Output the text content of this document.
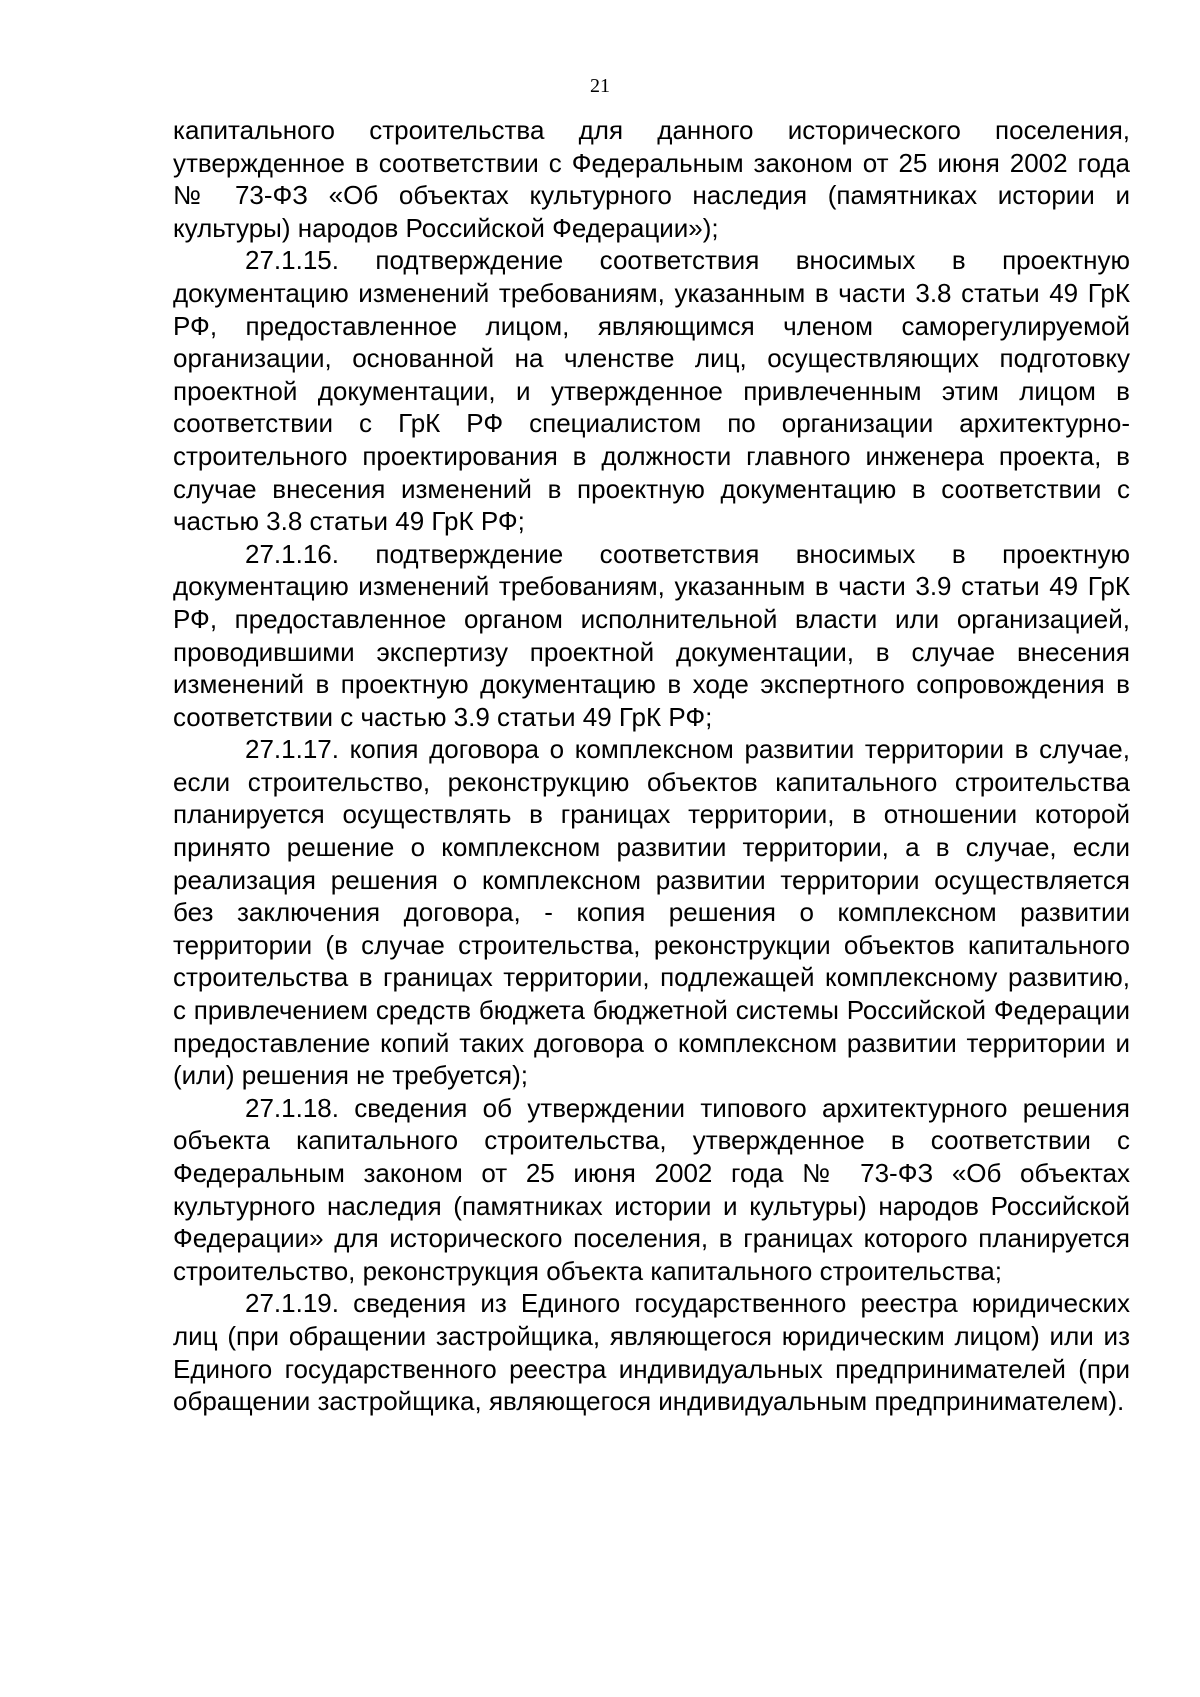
21

капитального строительства для данного исторического поселения, утвержденное в соответствии с Федеральным законом от 25 июня 2002 года № 73-ФЗ «Об объектах культурного наследия (памятниках истории и культуры) народов Российской Федерации»);

27.1.15. подтверждение соответствия вносимых в проектную документацию изменений требованиям, указанным в части 3.8 статьи 49 ГрК РФ, предоставленное лицом, являющимся членом саморегулируемой организации, основанной на членстве лиц, осуществляющих подготовку проектной документации, и утвержденное привлеченным этим лицом в соответствии с ГрК РФ специалистом по организации архитектурно-строительного проектирования в должности главного инженера проекта, в случае внесения изменений в проектную документацию в соответствии с частью 3.8 статьи 49 ГрК РФ;

27.1.16. подтверждение соответствия вносимых в проектную документацию изменений требованиям, указанным в части 3.9 статьи 49 ГрК РФ, предоставленное органом исполнительной власти или организацией, проводившими экспертизу проектной документации, в случае внесения изменений в проектную документацию в ходе экспертного сопровождения в соответствии с частью 3.9 статьи 49 ГрК РФ;

27.1.17. копия договора о комплексном развитии территории в случае, если строительство, реконструкцию объектов капитального строительства планируется осуществлять в границах территории, в отношении которой принято решение о комплексном развитии территории, а в случае, если реализация решения о комплексном развитии территории осуществляется без заключения договора, - копия решения о комплексном развитии территории (в случае строительства, реконструкции объектов капитального строительства в границах территории, подлежащей комплексному развитию, с привлечением средств бюджета бюджетной системы Российской Федерации предоставление копий таких договора о комплексном развитии территории и (или) решения не требуется);

27.1.18. сведения об утверждении типового архитектурного решения объекта капитального строительства, утвержденное в соответствии с Федеральным законом от 25 июня 2002 года № 73-ФЗ «Об объектах культурного наследия (памятниках истории и культуры) народов Российской Федерации» для исторического поселения, в границах которого планируется строительство, реконструкция объекта капитального строительства;

27.1.19. сведения из Единого государственного реестра юридических лиц (при обращении застройщика, являющегося юридическим лицом) или из Единого государственного реестра индивидуальных предпринимателей (при обращении застройщика, являющегося индивидуальным предпринимателем).
